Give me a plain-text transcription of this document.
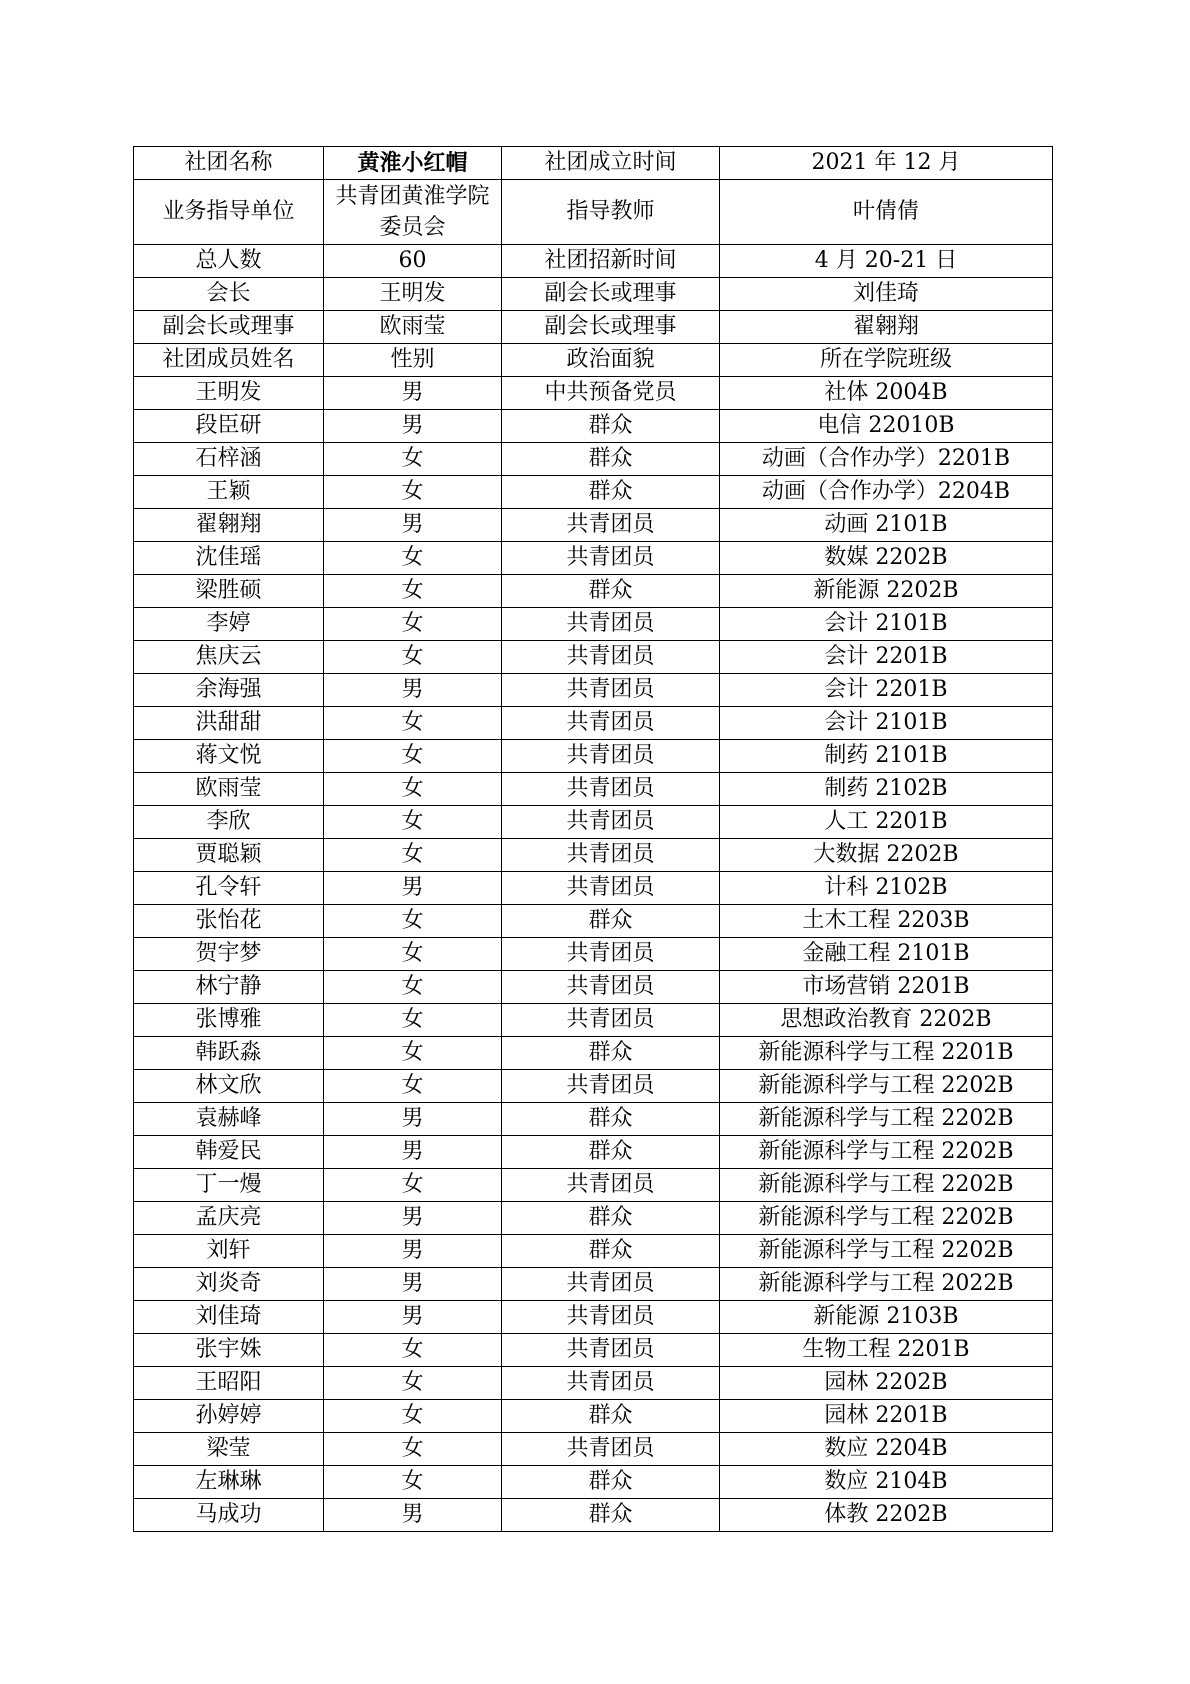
社团名称	黄淮小红帽	社团成立时间	2021 年 12 月
业务指导单位	共青团黄淮学院委员会	指导教师	叶倩倩
总人数	60	社团招新时间	4 月 20-21 日
会长	王明发	副会长或理事	刘佳琦
副会长或理事	欧雨莹	副会长或理事	翟翱翔
社团成员姓名	性别	政治面貌	所在学院班级
王明发	男	中共预备党员	社体 2004B
段臣研	男	群众	电信 22010B
石梓涵	女	群众	动画（合作办学）2201B
王颖	女	群众	动画（合作办学）2204B
翟翱翔	男	共青团员	动画 2101B
沈佳瑶	女	共青团员	数媒 2202B
梁胜硕	女	群众	新能源 2202B
李婷	女	共青团员	会计 2101B
焦庆云	女	共青团员	会计 2201B
余海强	男	共青团员	会计 2201B
洪甜甜	女	共青团员	会计 2101B
蒋文悦	女	共青团员	制药 2101B
欧雨莹	女	共青团员	制药 2102B
李欣	女	共青团员	人工 2201B
贾聪颖	女	共青团员	大数据 2202B
孔令轩	男	共青团员	计科 2102B
张怡花	女	群众	土木工程 2203B
贺宇梦	女	共青团员	金融工程 2101B
林宁静	女	共青团员	市场营销 2201B
张博雅	女	共青团员	思想政治教育 2202B
韩跃淼	女	群众	新能源科学与工程 2201B
林文欣	女	共青团员	新能源科学与工程 2202B
袁赫峰	男	群众	新能源科学与工程 2202B
韩爱民	男	群众	新能源科学与工程 2202B
丁一熳	女	共青团员	新能源科学与工程 2202B
孟庆亮	男	群众	新能源科学与工程 2202B
刘轩	男	群众	新能源科学与工程 2202B
刘炎奇	男	共青团员	新能源科学与工程 2022B
刘佳琦	男	共青团员	新能源 2103B
张宇姝	女	共青团员	生物工程 2201B
王昭阳	女	共青团员	园林 2202B
孙婷婷	女	群众	园林 2201B
梁莹	女	共青团员	数应 2204B
左琳琳	女	群众	数应 2104B
马成功	男	群众	体教 2202B
